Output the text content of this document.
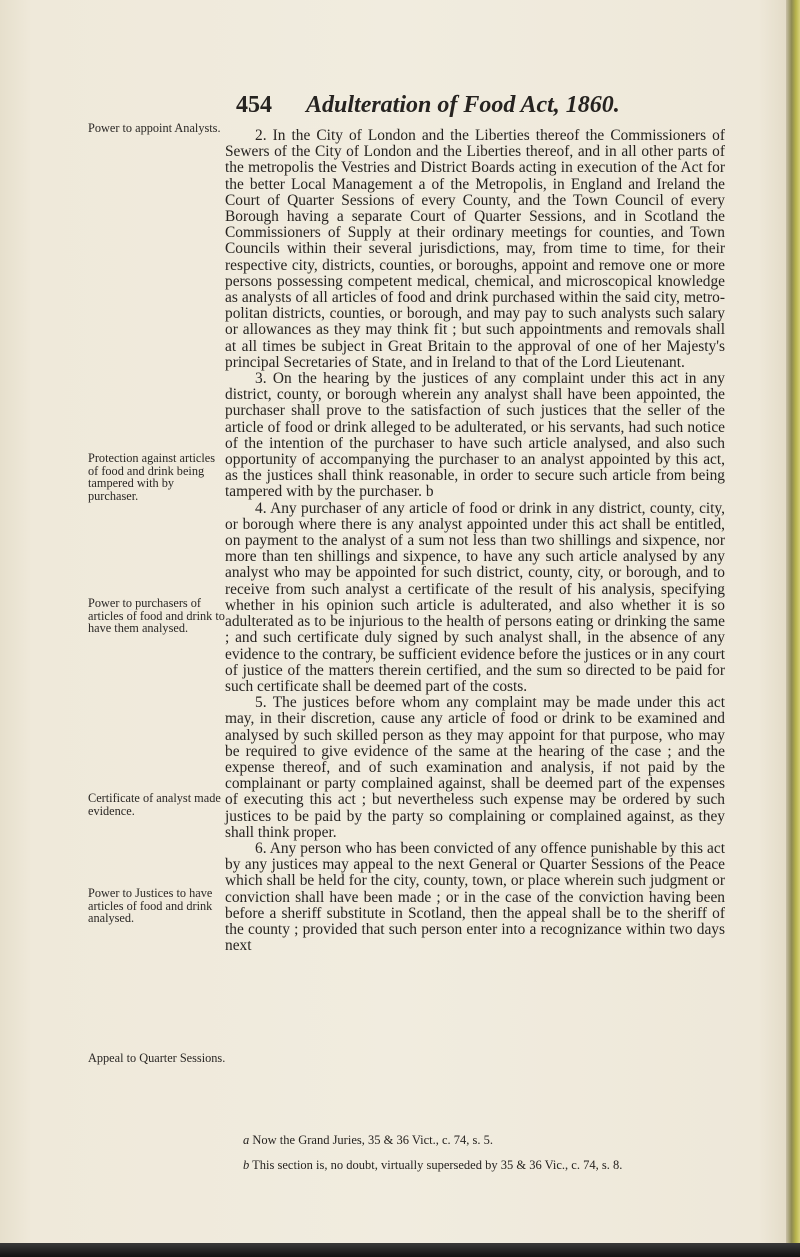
454 Adulteration of Food Act, 1860.
Power to appoint Analysts.
Protection against articles of food and drink being tampered with by purchaser.
Power to purchasers of articles of food and drink to have them analysed.
Certificate of analyst made evidence.
Power to Justices to have articles of food and drink analysed.
Appeal to Quarter Sessions.

2. In the City of London and the Liberties thereof the Commissioners of Sewers of the City of London and the Liberties thereof, and in all other parts of the metropolis the Vestries and District Boards acting in execution of the Act for the better Local Management a of the Metropolis, in England and Ireland the Court of Quarter Sessions of every County, and the Town Council of every Borough having a separate Court of Quarter Sessions, and in Scotland the Commissioners of Supply at their ordinary meetings for counties, and Town Councils within their several jurisdictions, may, from time to time, for their respective city, districts, counties, or boroughs, appoint and remove one or more persons possessing competent medical, chemical, and microscopical knowledge as analysts of all articles of food and drink purchased within the said city, metropolitan districts, counties, or borough, and may pay to such analysts such salary or allowances as they may think fit ; but such appointments and removals shall at all times be subject in Great Britain to the approval of one of her Majesty's principal Secretaries of State, and in Ireland to that of the Lord Lieutenant.

3. On the hearing by the justices of any complaint under this act in any district, county, or borough wherein any analyst shall have been appointed, the purchaser shall prove to the satisfaction of such justices that the seller of the article of food or drink alleged to be adulterated, or his servants, had such notice of the intention of the purchaser to have such article analysed, and also such opportunity of accompanying the purchaser to an analyst appointed by this act, as the justices shall think reasonable, in order to secure such article from being tampered with by the purchaser. b

4. Any purchaser of any article of food or drink in any district, county, city, or borough where there is any analyst appointed under this act shall be entitled, on payment to the analyst of a sum not less than two shillings and sixpence, nor more than ten shillings and sixpence, to have any such article analysed by any analyst who may be appointed for such district, county, city, or borough, and to receive from such analyst a certificate of the result of his analysis, specifying whether in his opinion such article is adulterated, and also whether it is so adulterated as to be injurious to the health of persons eating or drinking the same ; and such certificate duly signed by such analyst shall, in the absence of any evidence to the contrary, be sufficient evidence before the justices or in any court of justice of the matters therein certified, and the sum so directed to be paid for such certificate shall be deemed part of the costs.

5. The justices before whom any complaint may be made under this act may, in their discretion, cause any article of food or drink to be examined and analysed by such skilled person as they may appoint for that purpose, who may be required to give evidence of the same at the hearing of the case ; and the expense thereof, and of such examination and analysis, if not paid by the complainant or party complained against, shall be deemed part of the expenses of executing this act ; but nevertheless such expense may be ordered by such justices to be paid by the party so complaining or complained against, as they shall think proper.

6. Any person who has been convicted of any offence punishable by this act by any justices may appeal to the next General or Quarter Sessions of the Peace which shall be held for the city, county, town, or place wherein such judgment or conviction shall have been made ; or in the case of the conviction having been before a sheriff substitute in Scotland, then the appeal shall be to the sheriff of the county ; provided that such person enter into a recognizance within two days next

a Now the Grand Juries, 35 & 36 Vict., c. 74, s. 5.
b This section is, no doubt, virtually superseded by 35 & 36 Vic., c. 74, s. 8.
